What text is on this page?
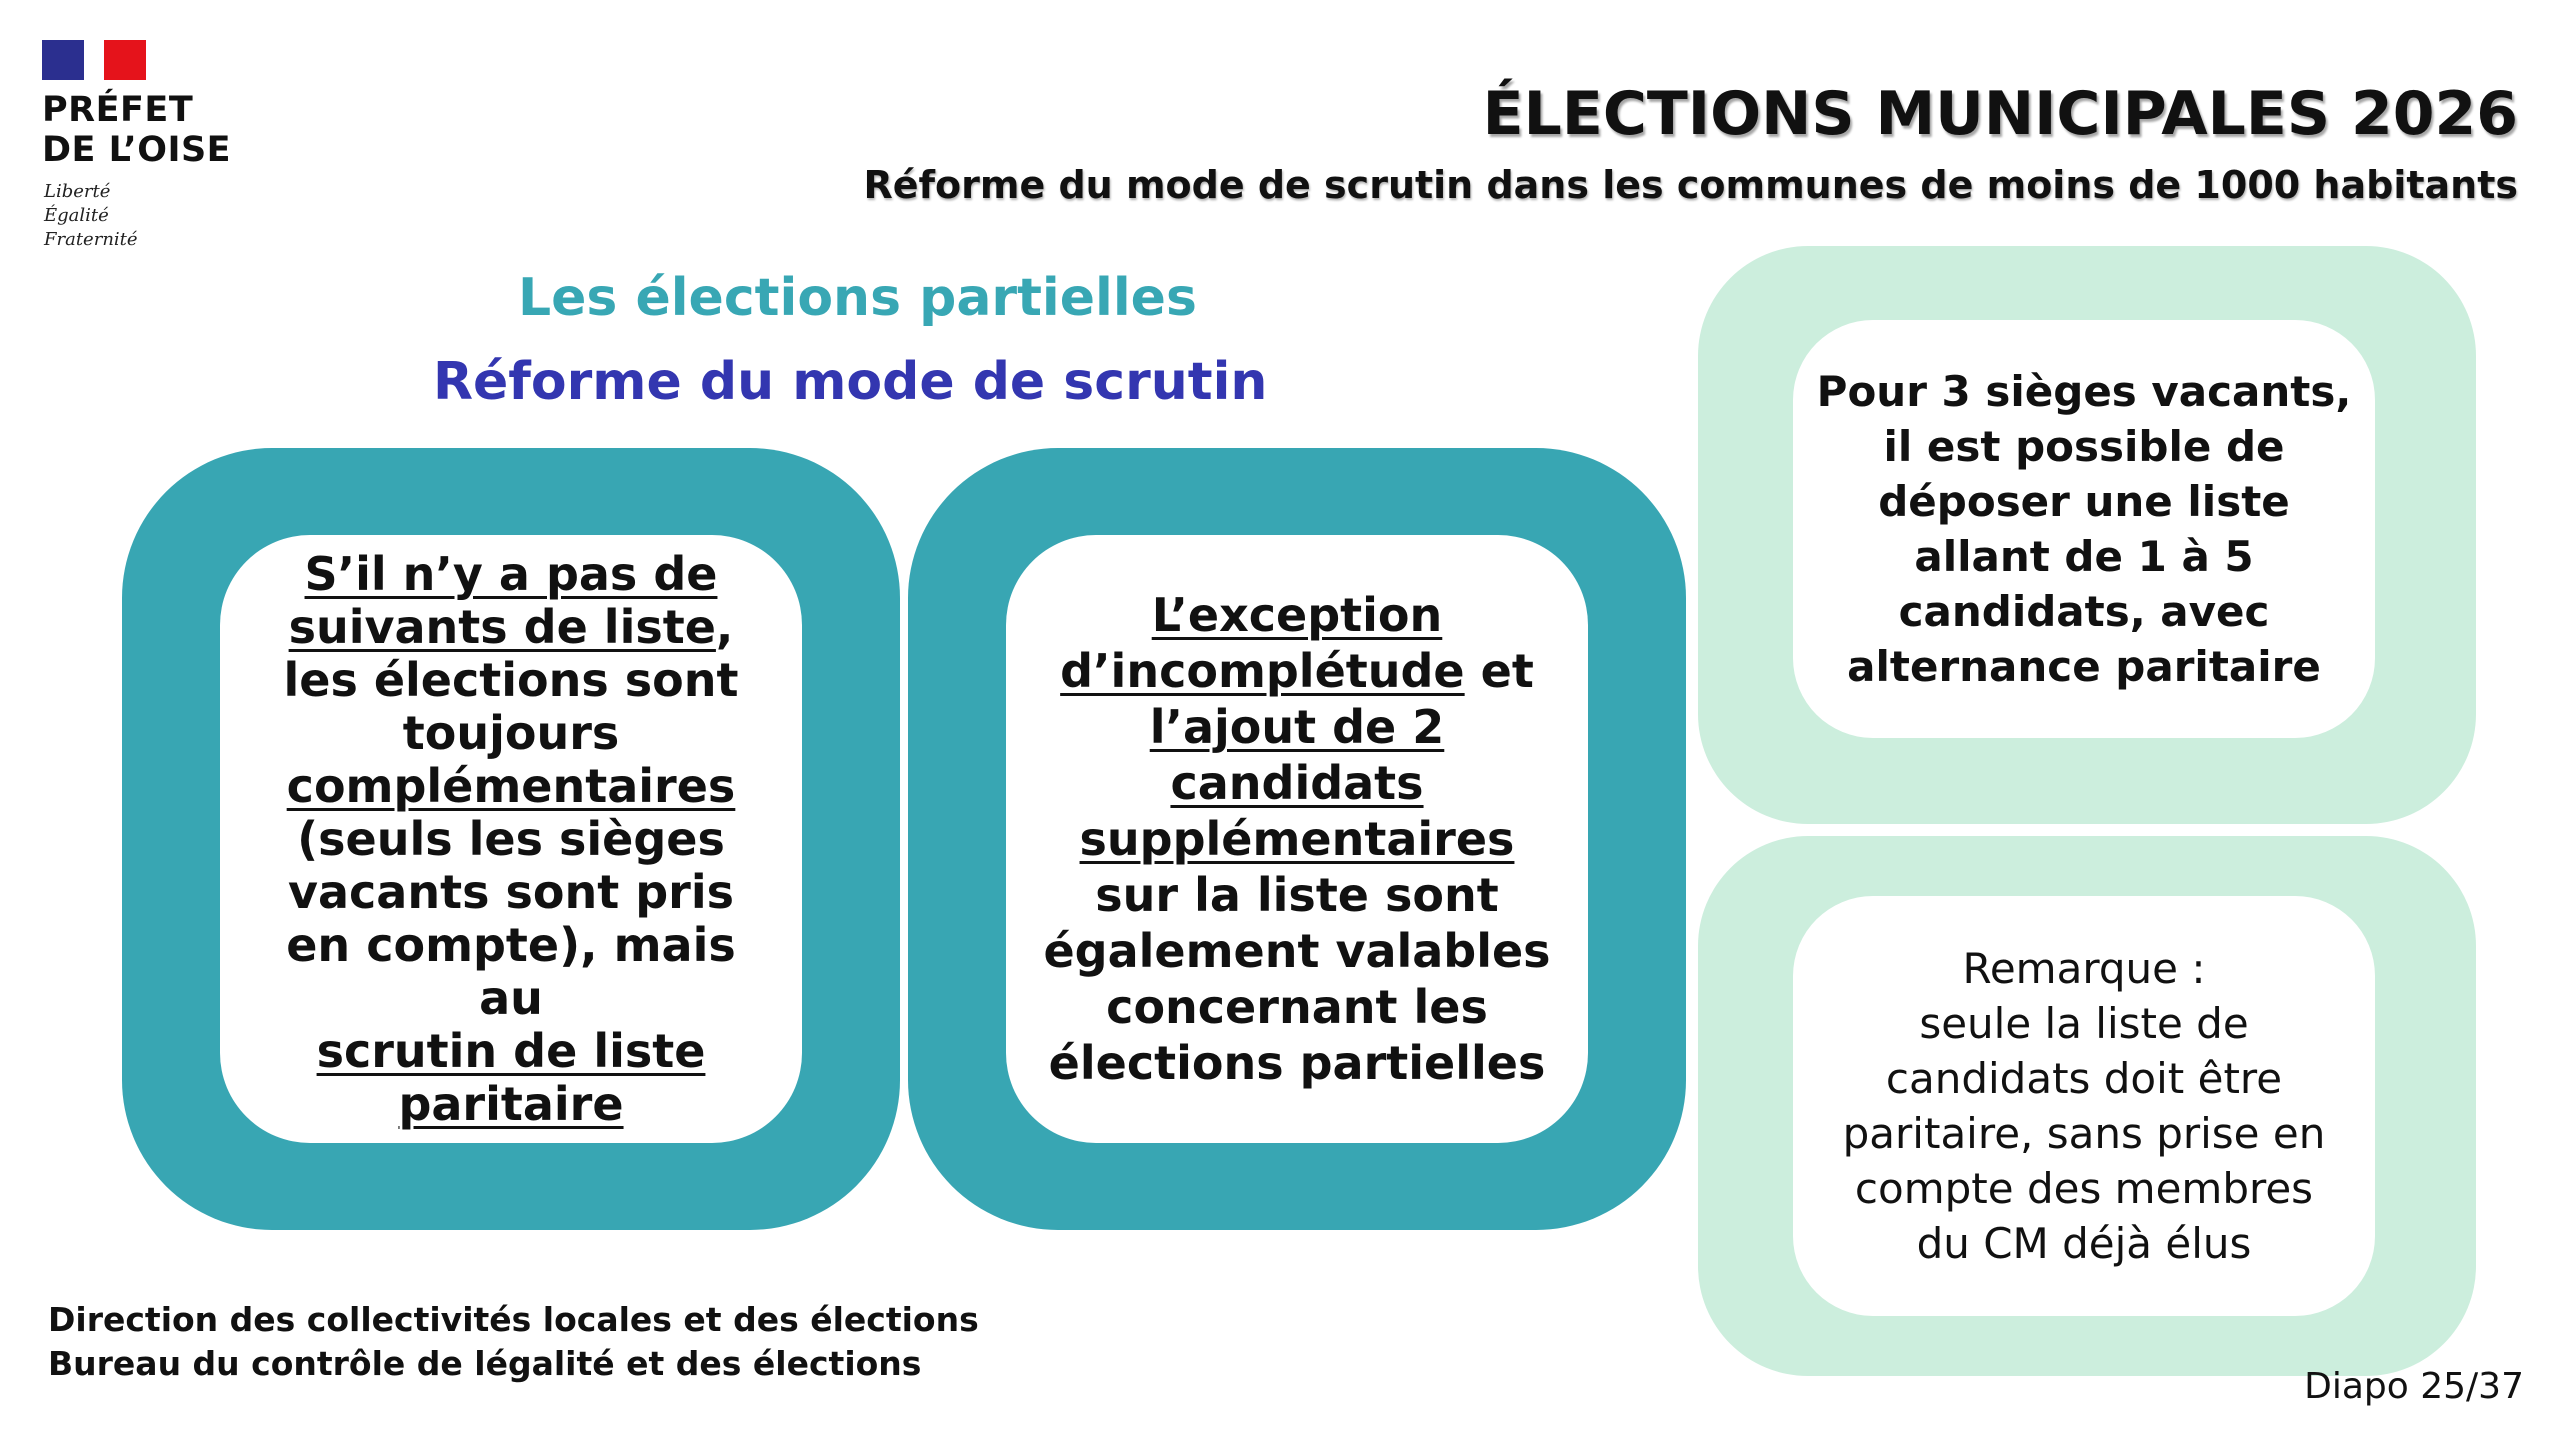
PRÉFET
DE L’OISE
Liberté
Égalité
Fraternité
ÉLECTIONS MUNICIPALES 2026
Réforme du mode de scrutin dans les communes de moins de 1000 habitants
Les élections partielles
Réforme du mode de scrutin
S’il n’y a pas de
suivants de liste, les élections sont toujours
complémentaires
(seuls les sièges vacants sont pris en compte), mais au
scrutin de liste paritaire
L’exception d’incomplétude et l’ajout de 2 candidats supplémentaires sur la liste sont également valables concernant les élections partielles
Pour 3 sièges vacants, il est possible de déposer une liste allant de 1 à 5 candidats, avec alternance paritaire
Remarque :
seule la liste de candidats doit être paritaire, sans prise en compte des membres du CM déjà élus
Direction des collectivités locales et des élections
Bureau du contrôle de légalité et des élections
Diapo 25/37
